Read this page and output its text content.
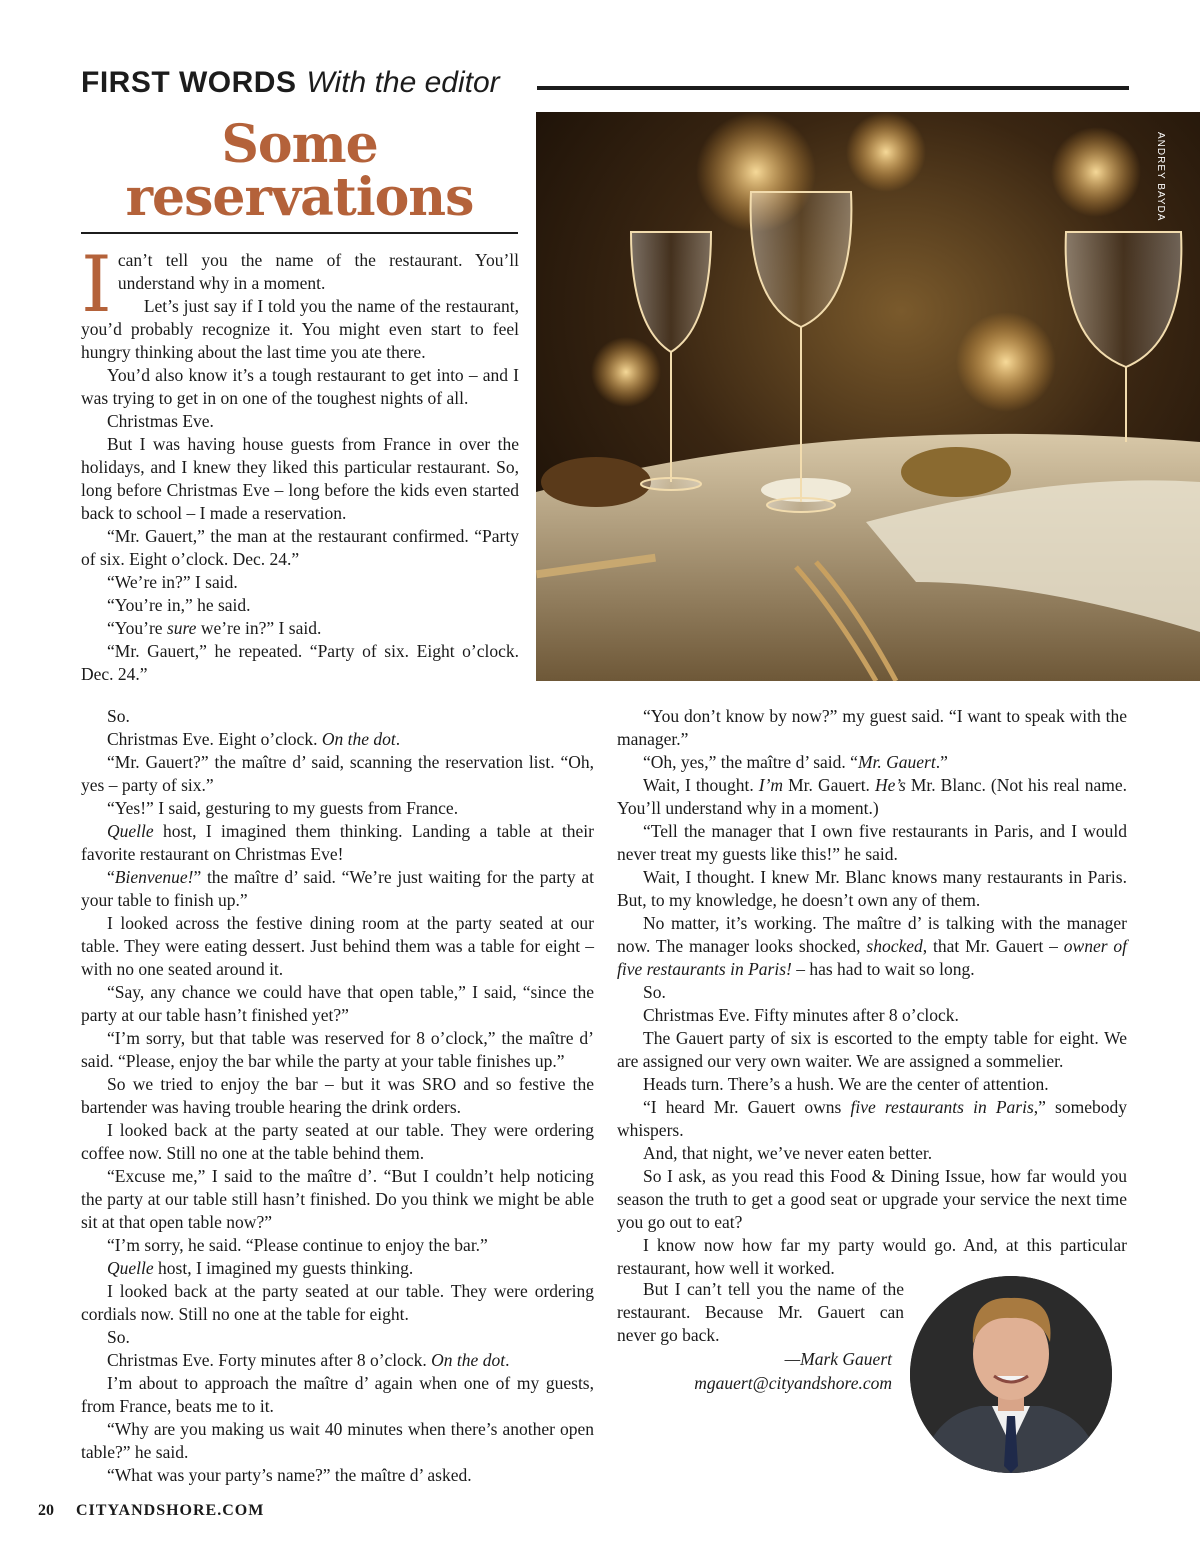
FIRST WORDS With the editor
Some
reservations	ANDREY BAYDA

Ican’t tell you the name of the restaurant. You’ll understand why in a moment.

Let’s just say if I told you the name of the restaurant, you’d probably recognize it. You might even start to feel hungry thinking about the last time you ate there.

You’d also know it’s a tough restaurant to get into – and I was trying to get in on one of the toughest nights of all.

Christmas Eve.

But I was having house guests from France in over the holidays, and I knew they liked this particular restaurant. So, long before Christmas Eve – long before the kids even started back to school – I made a reservation.

“Mr. Gauert,” the man at the restaurant confirmed. “Party of six. Eight o’clock. Dec. 24.”

“We’re in?” I said.

“You’re in,” he said.

“You’re sure we’re in?” I said.

“Mr. Gauert,” he repeated. “Party of six. Eight o’clock. Dec. 24.”

So.

Christmas Eve. Eight o’clock. On the dot.

“Mr. Gauert?” the maître d’ said, scanning the reservation list. “Oh, yes – party of six.”

“Yes!” I said, gesturing to my guests from France.

Quelle host, I imagined them thinking. Landing a table at their favorite restaurant on Christmas Eve!

“Bienvenue!” the maître d’ said. “We’re just waiting for the party at your table to finish up.”

I looked across the festive dining room at the party seated at our table. They were eating dessert. Just behind them was a table for eight – with no one seated around it.

“Say, any chance we could have that open table,” I said, “since the party at our table hasn’t finished yet?”

“I’m sorry, but that table was reserved for 8 o’clock,” the maître d’ said. “Please, enjoy the bar while the party at your table finishes up.”

So we tried to enjoy the bar – but it was SRO and so festive the bartender was having trouble hearing the drink orders.

I looked back at the party seated at our table. They were ordering coffee now. Still no one at the table behind them.

“Excuse me,” I said to the maître d’. “But I couldn’t help noticing the party at our table still hasn’t finished. Do you think we might be able sit at that open table now?”

“I’m sorry, he said. “Please continue to enjoy the bar.”

Quelle host, I imagined my guests thinking.

I looked back at the party seated at our table. They were ordering cordials now. Still no one at the table for eight.

So.

Christmas Eve. Forty minutes after 8 o’clock. On the dot.

I’m about to approach the maître d’ again when one of my guests, from France, beats me to it.

“Why are you making us wait 40 minutes when there’s another open table?” he said.

“What was your party’s name?” the maître d’ asked.

“You don’t know by now?” my guest said. “I want to speak with the manager.”

“Oh, yes,” the maître d’ said. “Mr. Gauert.”

Wait, I thought. I’m Mr. Gauert. He’s Mr. Blanc. (Not his real name. You’ll understand why in a moment.)

“Tell the manager that I own five restaurants in Paris, and I would never treat my guests like this!” he said.

Wait, I thought. I knew Mr. Blanc knows many restaurants in Paris. But, to my knowledge, he doesn’t own any of them.

No matter, it’s working. The maître d’ is talking with the manager now. The manager looks shocked, shocked, that Mr. Gauert – owner of five restaurants in Paris! – has had to wait so long.

So.

Christmas Eve. Fifty minutes after 8 o’clock.

The Gauert party of six is escorted to the empty table for eight. We are assigned our very own waiter. We are assigned a sommelier.

Heads turn. There’s a hush. We are the center of attention.

“I heard Mr. Gauert owns five restaurants in Paris,” somebody whispers.

And, that night, we’ve never eaten better.

So I ask, as you read this Food & Dining Issue, how far would you season the truth to get a good seat or upgrade your service the next time you go out to eat?

I know now how far my party would go. And, at this particular restaurant, how well it worked.

But I can’t tell you the name of the restaurant. Because Mr. Gauert can never go back.

—Mark Gauert
mgauert@cityandshore.com
20 CITYANDSHORE.COM
